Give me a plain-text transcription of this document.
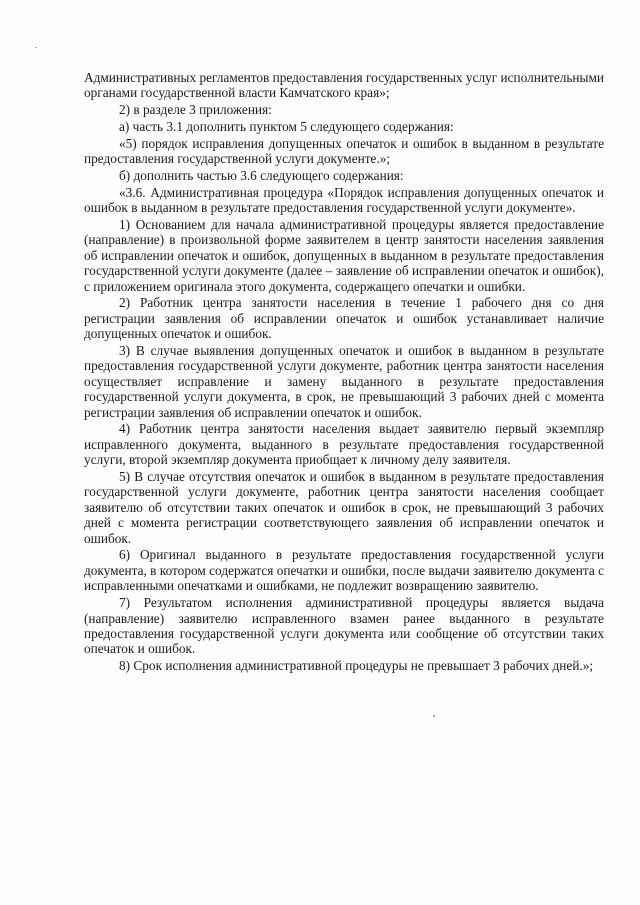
Административных регламентов предоставления государственных услуг исполнительными органами государственной власти Камчатского края»;

2) в разделе 3 приложения:

а) часть 3.1 дополнить пунктом 5 следующего содержания:

«5) порядок исправления допущенных опечаток и ошибок в выданном в результате предоставления государственной услуги документе.»;

б) дополнить частью 3.6 следующего содержания:

«3.6. Административная процедура «Порядок исправления допущенных опечаток и ошибок в выданном в результате предоставления государственной услуги документе».

1) Основанием для начала административной процедуры является предоставление (направление) в произвольной форме заявителем в центр занятости населения заявления об исправлении опечаток и ошибок, допущенных в выданном в результате предоставления государственной услуги документе (далее – заявление об исправлении опечаток и ошибок), с приложением оригинала этого документа, содержащего опечатки и ошибки.

2) Работник центра занятости населения в течение 1 рабочего дня со дня регистрации заявления об исправлении опечаток и ошибок устанавливает наличие допущенных опечаток и ошибок.

3) В случае выявления допущенных опечаток и ошибок в выданном в результате предоставления государственной услуги документе, работник центра занятости населения осуществляет исправление и замену выданного в результате предоставления государственной услуги документа, в срок, не превышающий 3 рабочих дней с момента регистрации заявления об исправлении опечаток и ошибок.

4) Работник центра занятости населения выдает заявителю первый экземпляр исправленного документа, выданного в результате предоставления государственной услуги, второй экземпляр документа приобщает к личному делу заявителя.

5) В случае отсутствия опечаток и ошибок в выданном в результате предоставления государственной услуги документе, работник центра занятости населения сообщает заявителю об отсутствии таких опечаток и ошибок в срок, не превышающий 3 рабочих дней с момента регистрации соответствующего заявления об исправлении опечаток и ошибок.

6) Оригинал выданного в результате предоставления государственной услуги документа, в котором содержатся опечатки и ошибки, после выдачи заявителю документа с исправленными опечатками и ошибками, не подлежит возвращению заявителю.

7) Результатом исполнения административной процедуры является выдача (направление) заявителю исправленного взамен ранее выданного в результате предоставления государственной услуги документа или сообщение об отсутствии таких опечаток и ошибок.

8) Срок исполнения административной процедуры не превышает 3 рабочих дней.»;
